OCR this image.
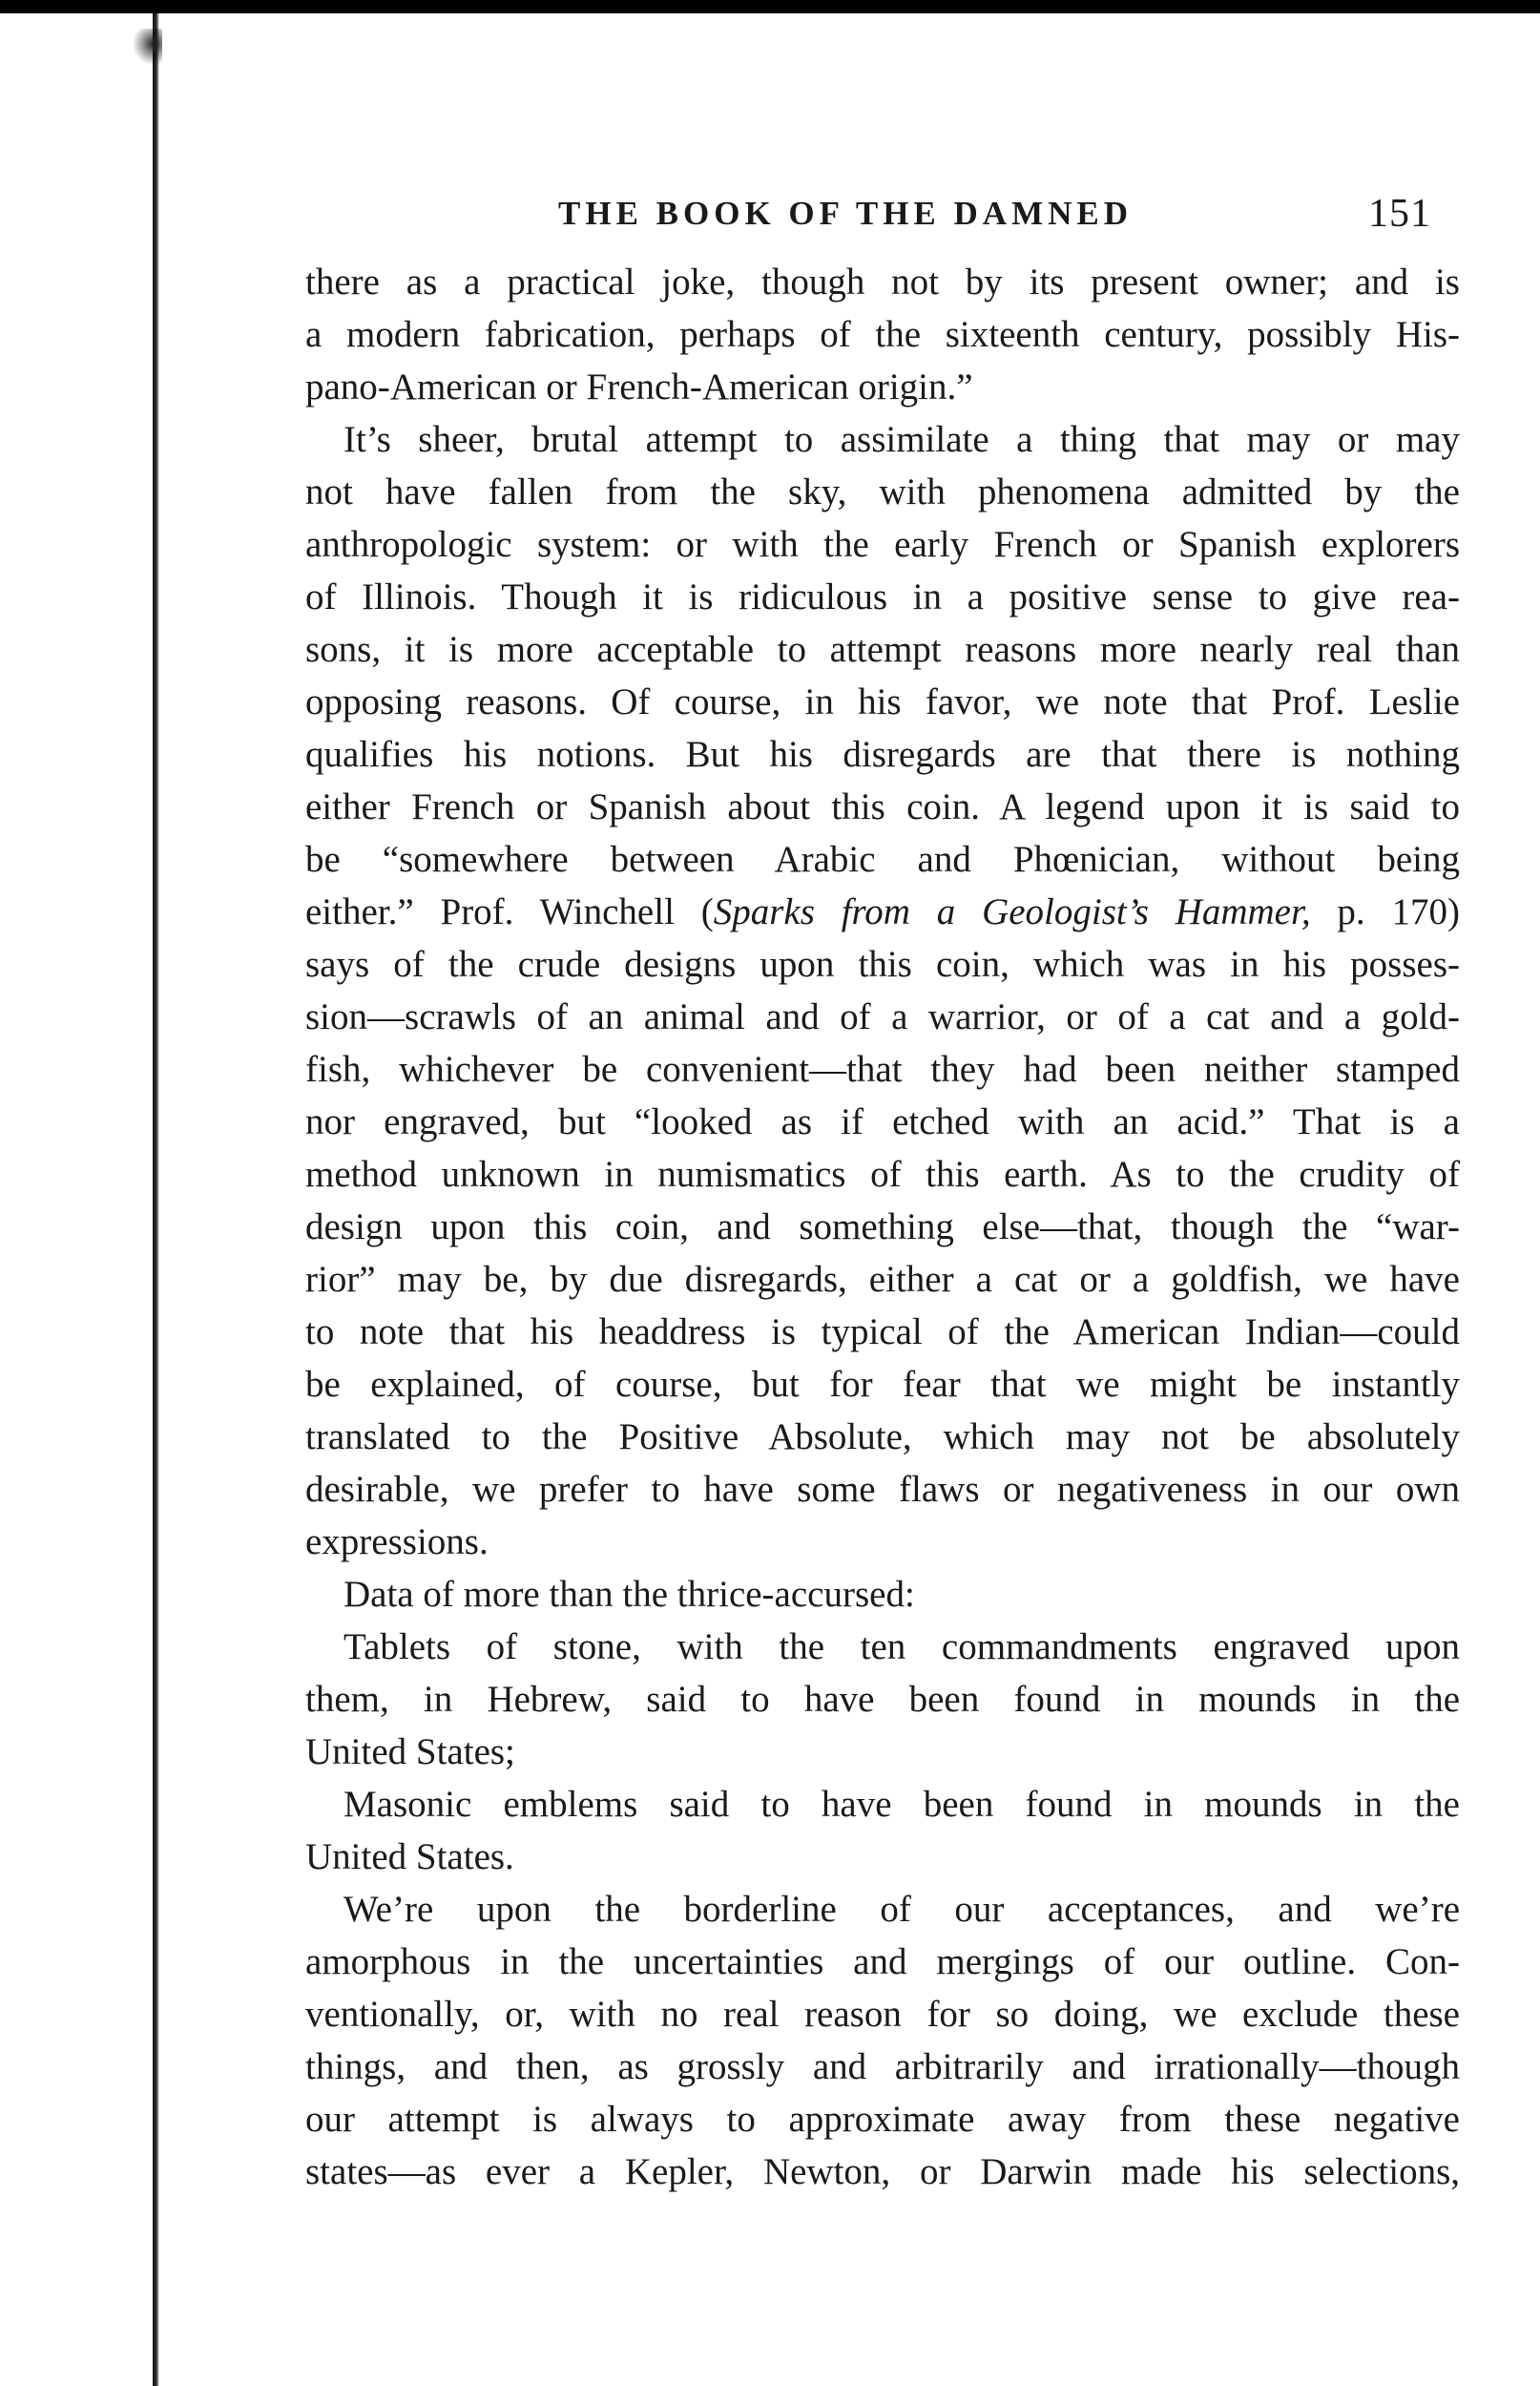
THE BOOK OF THE DAMNED	151
there as a practical joke, though not by its present owner; and is
a modern fabrication, perhaps of the sixteenth century, possibly His-
pano-American or French-American origin.”
It’s sheer, brutal attempt to assimilate a thing that may or may
not have fallen from the sky, with phenomena admitted by the
anthropologic system: or with the early French or Spanish explorers
of Illinois. Though it is ridiculous in a positive sense to give rea-
sons, it is more acceptable to attempt reasons more nearly real than
opposing reasons. Of course, in his favor, we note that Prof. Leslie
qualifies his notions. But his disregards are that there is nothing
either French or Spanish about this coin. A legend upon it is said to
be “somewhere between Arabic and Phœnician, without being
either.” Prof. Winchell (Sparks from a Geologist’s Hammer, p. 170)
says of the crude designs upon this coin, which was in his posses-
sion—scrawls of an animal and of a warrior, or of a cat and a gold-
fish, whichever be convenient—that they had been neither stamped
nor engraved, but “looked as if etched with an acid.” That is a
method unknown in numismatics of this earth. As to the crudity of
design upon this coin, and something else—that, though the “war-
rior” may be, by due disregards, either a cat or a goldfish, we have
to note that his headdress is typical of the American Indian—could
be explained, of course, but for fear that we might be instantly
translated to the Positive Absolute, which may not be absolutely
desirable, we prefer to have some flaws or negativeness in our own
expressions.
Data of more than the thrice-accursed:
Tablets of stone, with the ten commandments engraved upon
them, in Hebrew, said to have been found in mounds in the
United States;
Masonic emblems said to have been found in mounds in the
United States.
We’re upon the borderline of our acceptances, and we’re
amorphous in the uncertainties and mergings of our outline. Con-
ventionally, or, with no real reason for so doing, we exclude these
things, and then, as grossly and arbitrarily and irrationally—though
our attempt is always to approximate away from these negative
states—as ever a Kepler, Newton, or Darwin made his selections,
